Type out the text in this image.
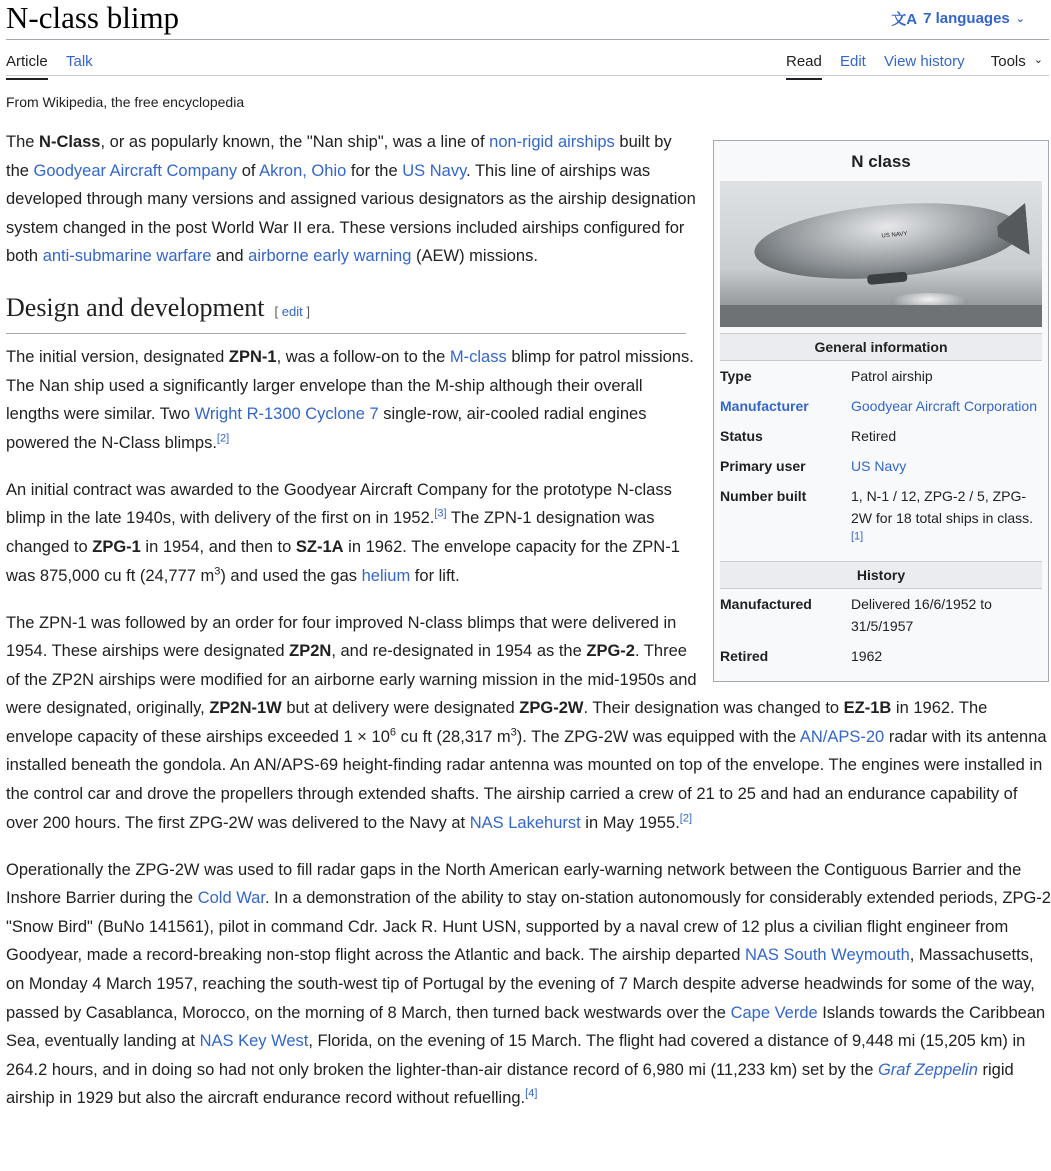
N-class blimp	文A 7 languages ⌄
Article Talk	Read Edit View history Tools ⌄
From Wikipedia, the free encyclopedia
N class
US NAVY
General information
Type	Patrol airship
Manufacturer	Goodyear Aircraft Corporation
Status	Retired
Primary user	US Navy
Number built	1, N-1 / 12, ZPG-2 / 5, ZPG-2W for 18 total ships in class.[1]
History
Manufactured	Delivered 16/6/1952 to 31/5/1957
Retired	1962

The N-Class, or as popularly known, the "Nan ship", was a line of non-rigid airships built by the Goodyear Aircraft Company of Akron, Ohio for the US Navy. This line of airships was developed through many versions and assigned various designators as the airship designation system changed in the post World War II era. These versions included airships configured for both anti-submarine warfare and airborne early warning (AEW) missions.

Design and development [ edit ]

The initial version, designated ZPN-1, was a follow-on to the M-class blimp for patrol missions. The Nan ship used a significantly larger envelope than the M-ship although their overall lengths were similar. Two Wright R-1300 Cyclone 7 single-row, air-cooled radial engines powered the N-Class blimps.[2]

An initial contract was awarded to the Goodyear Aircraft Company for the prototype N-class blimp in the late 1940s, with delivery of the first on in 1952.[3] The ZPN-1 designation was changed to ZPG-1 in 1954, and then to SZ-1A in 1962. The envelope capacity for the ZPN-1 was 875,000 cu ft (24,777 $m^3$) and used the gas helium for lift.

The ZPN-1 was followed by an order for four improved N-class blimps that were delivered in 1954. These airships were designated ZP2N, and re-designated in 1954 as the ZPG-2. Three of the ZP2N airships were modified for an airborne early warning mission in the mid-1950s and were designated, originally, ZP2N-1W but at delivery were designated ZPG-2W. Their designation was changed to EZ-1B in 1962. The envelope capacity of these airships exceeded $1 \times 10^6$ cu ft (28,317 $m^3$). The ZPG-2W was equipped with the AN/APS-20 radar with its antenna installed beneath the gondola. An AN/APS-69 height-finding radar antenna was mounted on top of the envelope. The engines were installed in the control car and drove the propellers through extended shafts. The airship carried a crew of 21 to 25 and had an endurance capability of over 200 hours. The first ZPG-2W was delivered to the Navy at NAS Lakehurst in May 1955.[2]

Operationally the ZPG-2W was used to fill radar gaps in the North American early-warning network between the Contiguous Barrier and the Inshore Barrier during the Cold War. In a demonstration of the ability to stay on-station autonomously for considerably extended periods, ZPG-2 "Snow Bird" (BuNo 141561), pilot in command Cdr. Jack R. Hunt USN, supported by a naval crew of 12 plus a civilian flight engineer from Goodyear, made a record-breaking non-stop flight across the Atlantic and back. The airship departed NAS South Weymouth, Massachusetts, on Monday 4 March 1957, reaching the south-west tip of Portugal by the evening of 7 March despite adverse headwinds for some of the way, passed by Casablanca, Morocco, on the morning of 8 March, then turned back westwards over the Cape Verde Islands towards the Caribbean Sea, eventually landing at NAS Key West, Florida, on the evening of 15 March. The flight had covered a distance of 9,448 mi (15,205 km) in 264.2 hours, and in doing so had not only broken the lighter-than-air distance record of 6,980 mi (11,233 km) set by the Graf Zeppelin rigid airship in 1929 but also the aircraft endurance record without refuelling.[4]
